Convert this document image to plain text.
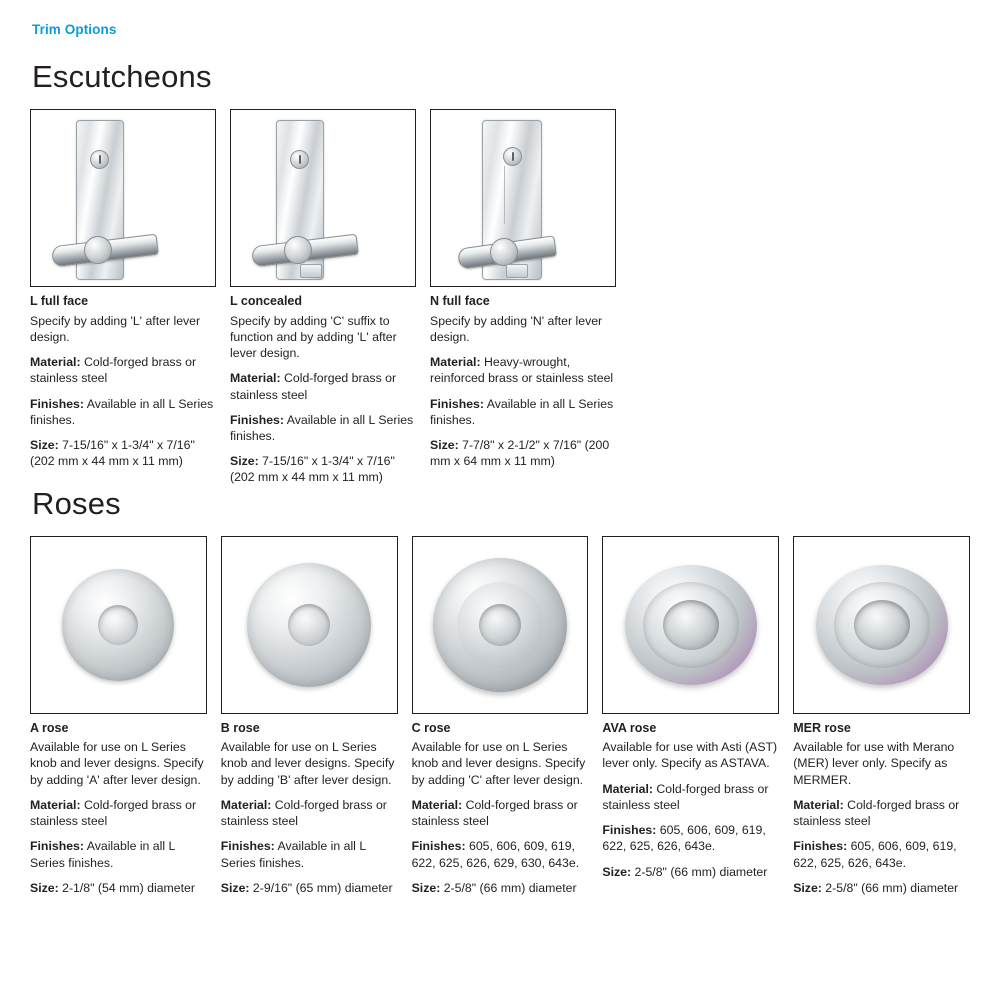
Trim Options
Escutcheons
L full face

Specify by adding 'L' after lever design.

Material: Cold-forged brass or stainless steel

Finishes: Available in all L Series finishes.

Size: 7-15/16" x 1-3/4" x 7/16" (202 mm x 44 mm x 11 mm)

L concealed

Specify by adding 'C' suffix to function and by adding 'L' after lever design.

Material: Cold-forged brass or stainless steel

Finishes: Available in all L Series finishes.

Size: 7-15/16" x 1-3/4" x 7/16" (202 mm x 44 mm x 11 mm)

N full face

Specify by adding 'N' after lever design.

Material: Heavy-wrought, reinforced brass or stainless steel

Finishes: Available in all L Series finishes.

Size: 7-7/8" x 2-1/2" x 7/16" (200 mm x 64 mm x 11 mm)

Roses
A rose

Available for use on L Series knob and lever designs. Specify by adding 'A' after lever design.

Material: Cold-forged brass or stainless steel

Finishes: Available in all L Series finishes.

Size: 2-1/8" (54 mm) diameter

B rose

Available for use on L Series knob and lever designs. Specify by adding 'B' after lever design.

Material: Cold-forged brass or stainless steel

Finishes: Available in all L Series finishes.

Size: 2-9/16" (65 mm) diameter

C rose

Available for use on L Series knob and lever designs. Specify by adding 'C' after lever design.

Material: Cold-forged brass or stainless steel

Finishes: 605, 606, 609, 619, 622, 625, 626, 629, 630, 643e.

Size: 2-5/8" (66 mm) diameter

AVA rose

Available for use with Asti (AST) lever only. Specify as ASTAVA.

Material: Cold-forged brass or stainless steel

Finishes: 605, 606, 609, 619, 622, 625, 626, 643e.

Size: 2-5/8" (66 mm) diameter

MER rose

Available for use with Merano (MER) lever only. Specify as MERMER.

Material: Cold-forged brass or stainless steel

Finishes: 605, 606, 609, 619, 622, 625, 626, 643e.

Size: 2-5/8" (66 mm) diameter
